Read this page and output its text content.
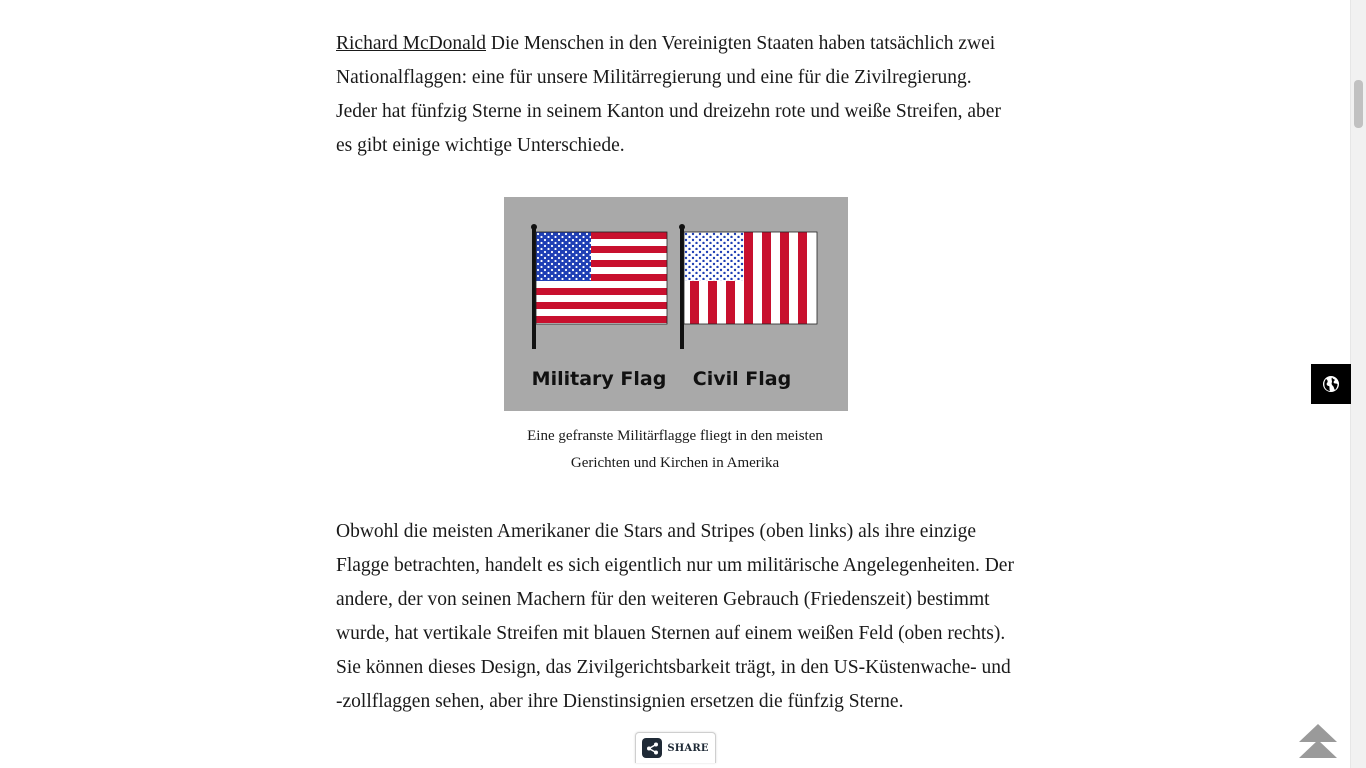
Richard McDonald Die Menschen in den Vereinigten Staaten haben tatsächlich zwei Nationalflaggen: eine für unsere Militärregierung und eine für die Zivilregierung. Jeder hat fünfzig Sterne in seinem Kanton und dreizehn rote und weiße Streifen, aber es gibt einige wichtige Unterschiede.

Military Flag Civil Flag
Eine gefranste Militärflagge fliegt in den meisten Gerichten und Kirchen in Amerika

Obwohl die meisten Amerikaner die Stars and Stripes (oben links) als ihre einzige Flagge betrachten, handelt es sich eigentlich nur um militärische Angelegenheiten. Der andere, der von seinen Machern für den weiteren Gebrauch (Friedenszeit) bestimmt wurde, hat vertikale Streifen mit blauen Sternen auf einem weißen Feld (oben rechts). Sie können dieses Design, das Zivilgerichtsbarkeit trägt, in den US-Küstenwache- und -zollflaggen sehen, aber ihre Dienstinsignien ersetzen die fünfzig Sterne.

SHARE
